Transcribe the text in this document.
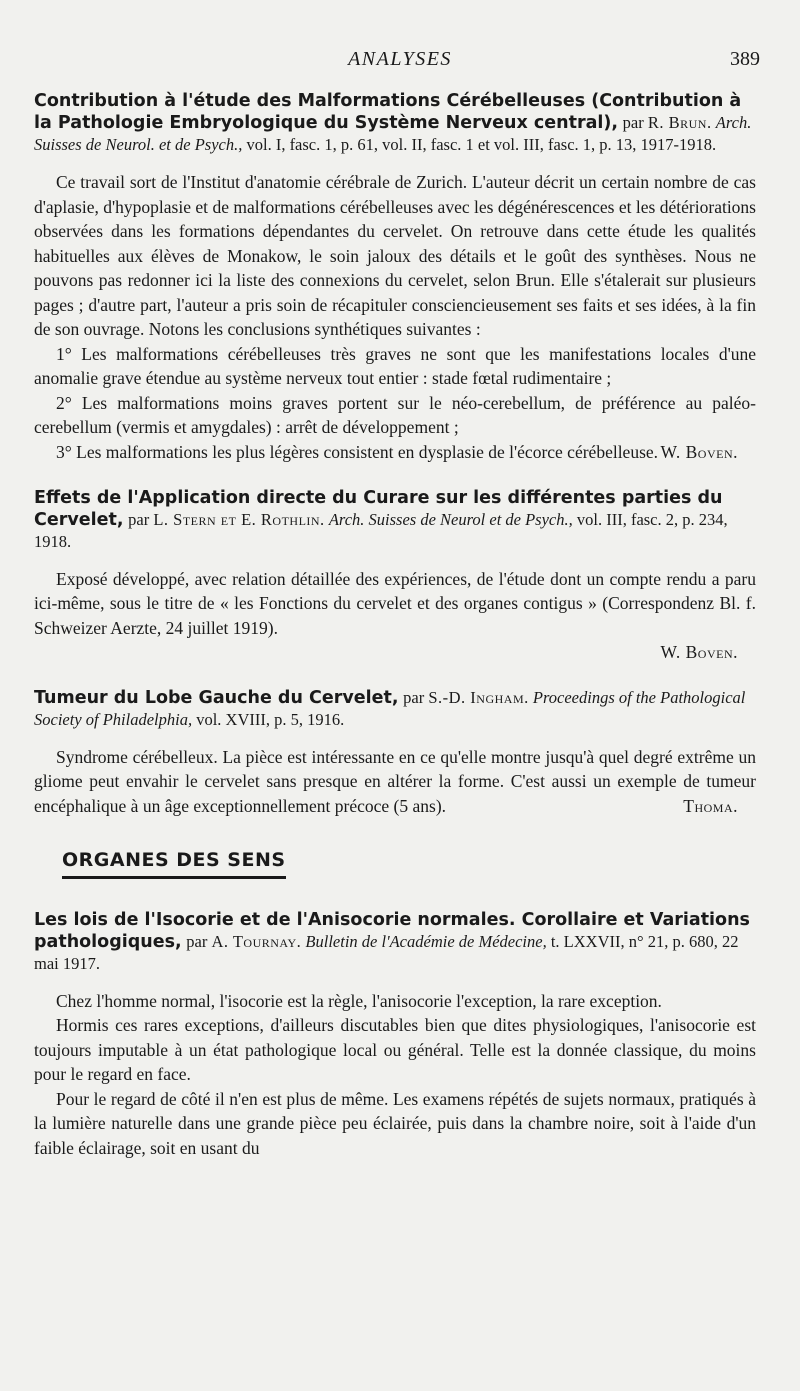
ANALYSES	389
Contribution à l'étude des Malformations Cérébelleuses (Contribution à la Pathologie Embryologique du Système Nerveux central), par R. Brun. Arch. Suisses de Neurol. et de Psych., vol. I, fasc. 1, p. 61, vol. II, fasc. 1 et vol. III, fasc. 1, p. 13, 1917-1918.

Ce travail sort de l'Institut d'anatomie cérébrale de Zurich. L'auteur décrit un certain nombre de cas d'aplasie, d'hypoplasie et de malformations cérébelleuses avec les dégénérescences et les détériorations observées dans les formations dépendantes du cervelet. On retrouve dans cette étude les qualités habituelles aux élèves de Monakow, le soin jaloux des détails et le goût des synthèses. Nous ne pouvons pas redonner ici la liste des connexions du cervelet, selon Brun. Elle s'étalerait sur plusieurs pages ; d'autre part, l'auteur a pris soin de récapituler consciencieusement ses faits et ses idées, à la fin de son ouvrage. Notons les conclusions synthétiques suivantes :

1° Les malformations cérébelleuses très graves ne sont que les manifestations locales d'une anomalie grave étendue au système nerveux tout entier : stade fœtal rudimentaire ;

2° Les malformations moins graves portent sur le néo-cerebellum, de préférence au paléo-cerebellum (vermis et amygdales) : arrêt de développement ;

3° Les malformations les plus légères consistent en dysplasie de l'écorce cérébelleuse. W. Boven.
Effets de l'Application directe du Curare sur les différentes parties du Cervelet, par L. Stern et E. Rothlin. Arch. Suisses de Neurol et de Psych., vol. III, fasc. 2, p. 234, 1918.

Exposé développé, avec relation détaillée des expériences, de l'étude dont un compte rendu a paru ici-même, sous le titre de « les Fonctions du cervelet et des organes contigus » (Correspondenz Bl. f. Schweizer Aerzte, 24 juillet 1919).

W. Boven.
Tumeur du Lobe Gauche du Cervelet, par S.-D. Ingham. Proceedings of the Pathological Society of Philadelphia, vol. XVIII, p. 5, 1916.

Syndrome cérébelleux. La pièce est intéressante en ce qu'elle montre jusqu'à quel degré extrême un gliome peut envahir le cervelet sans presque en altérer la forme. C'est aussi un exemple de tumeur encéphalique à un âge exceptionnellement précoce (5 ans).	Thoma.
ORGANES DES SENS
Les lois de l'Isocorie et de l'Anisocorie normales. Corollaire et Variations pathologiques, par A. Tournay. Bulletin de l'Académie de Médecine, t. LXXVII, n° 21, p. 680, 22 mai 1917.

Chez l'homme normal, l'isocorie est la règle, l'anisocorie l'exception, la rare exception.

Hormis ces rares exceptions, d'ailleurs discutables bien que dites physiologiques, l'anisocorie est toujours imputable à un état pathologique local ou général. Telle est la donnée classique, du moins pour le regard en face.

Pour le regard de côté il n'en est plus de même. Les examens répétés de sujets normaux, pratiqués à la lumière naturelle dans une grande pièce peu éclairée, puis dans la chambre noire, soit à l'aide d'un faible éclairage, soit en usant du
